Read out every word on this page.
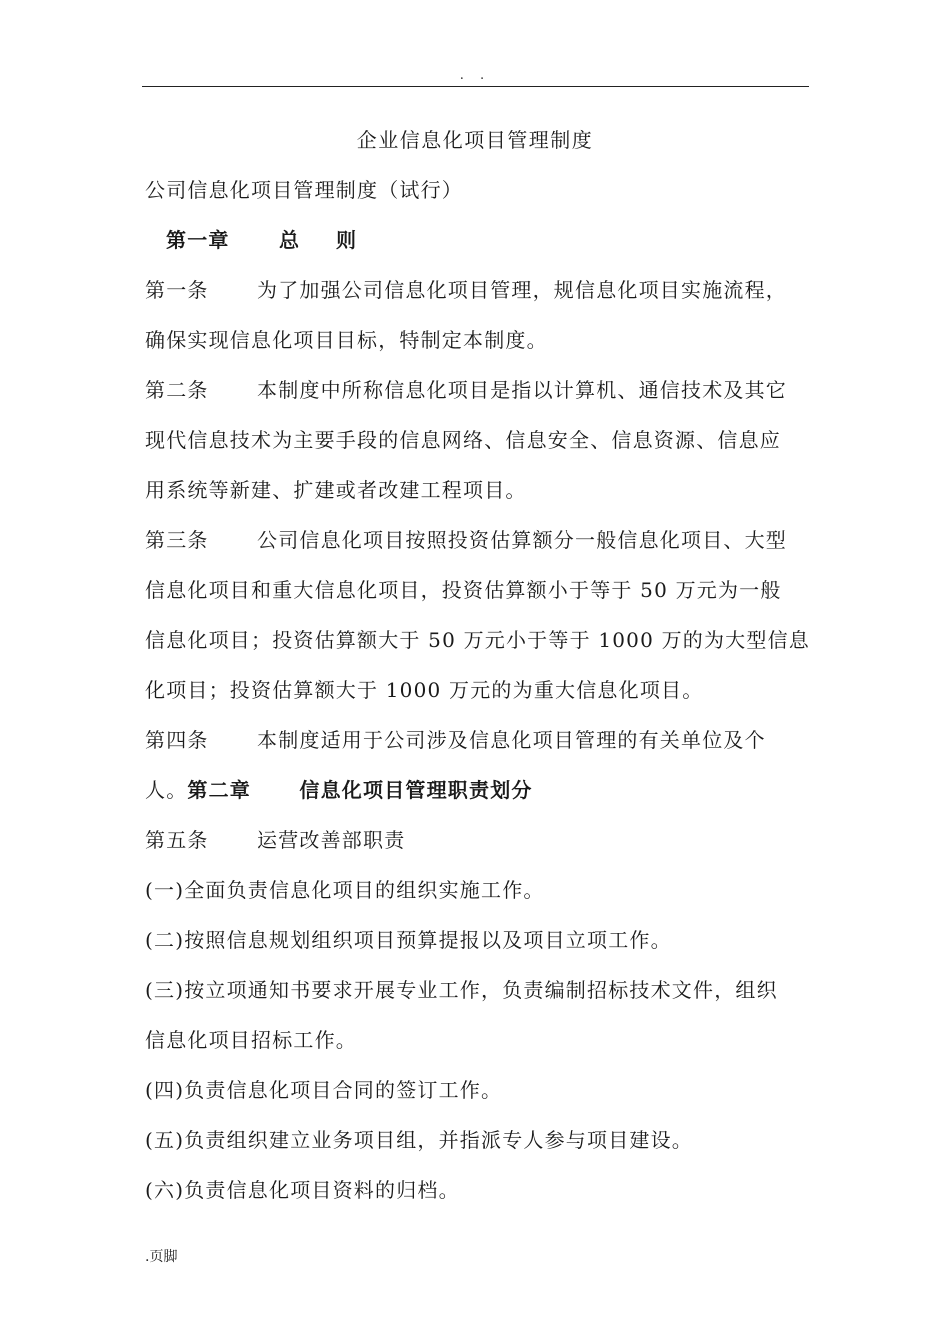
. .
企业信息化项目管理制度
公司信息化项目管理制度（试行）
第一章 总 则
第一条 为了加强公司信息化项目管理，规信息化项目实施流程，
确保实现信息化项目目标，特制定本制度。
第二条 本制度中所称信息化项目是指以计算机、通信技术及其它
现代信息技术为主要手段的信息网络、信息安全、信息资源、信息应
用系统等新建、扩建或者改建工程项目。
第三条 公司信息化项目按照投资估算额分一般信息化项目、大型
信息化项目和重大信息化项目，投资估算额小于等于 50 万元为一般
信息化项目；投资估算额大于 50 万元小于等于 1000 万的为大型信息
化项目；投资估算额大于 1000 万元的为重大信息化项目。
第四条 本制度适用于公司涉及信息化项目管理的有关单位及个
人。第二章 信息化项目管理职责划分
第五条 运营改善部职责
(一)全面负责信息化项目的组织实施工作。
(二)按照信息规划组织项目预算提报以及项目立项工作。
(三)按立项通知书要求开展专业工作，负责编制招标技术文件，组织
信息化项目招标工作。
(四)负责信息化项目合同的签订工作。
(五)负责组织建立业务项目组，并指派专人参与项目建设。
(六)负责信息化项目资料的归档。
.页脚
